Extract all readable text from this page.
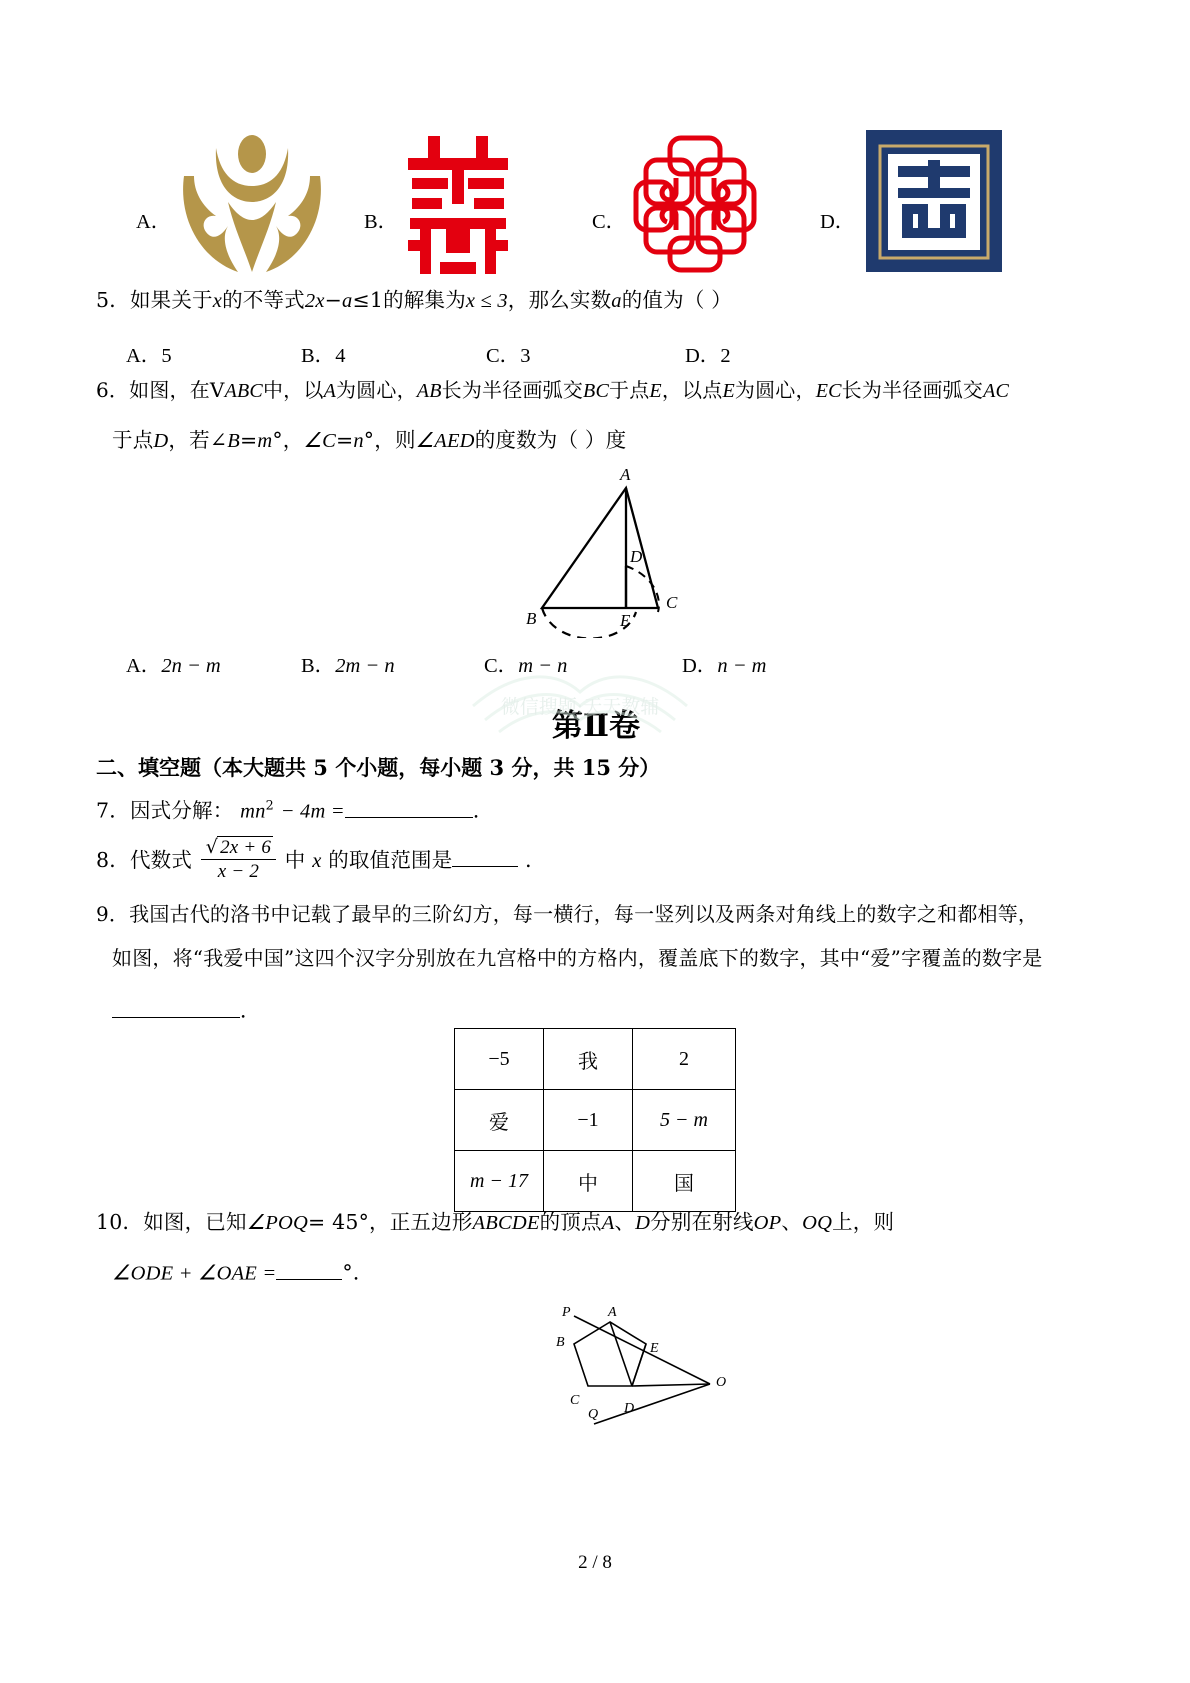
A．	B．	C．	D．
5．如果关于x的不等式2x−a≤1的解集为x ≤ 3，那么实数a的值为（ ）
A．5	B．4	C．3	D．2
6．如图，在VABC中，以A为圆心，AB长为半径画弧交BC于点E，以点E为圆心，EC长为半径画弧交AC
于点D，若∠B=m°，∠C=n°，则∠AED的度数为（ ）度
A
B
C
D
E
A．2n − m	B．2m − n	C．m − n	D．n − m
第Ⅱ卷
二、填空题（本大题共 5 个小题，每小题 3 分，共 15 分）
7．因式分解： $mn^2 - 4m$ =	．
8．代数式 $\frac{√ 2x + 6}{x - 2}$ 中 x 的取值范围是	．
9．我国古代的洛书中记载了最早的三阶幻方，每一横行，每一竖列以及两条对角线上的数字之和都相等，
如图，将“我爱中国”这四个汉字分别放在九宫格中的方格内，覆盖底下的数字，其中“爱”字覆盖的数字是
．
−5	我	2
爱	−1	5 − m
m − 17	中	国
10．如图，已知∠POQ= 45°，正五边形ABCDE的顶点A、D分别在射线OP、OQ上，则
∠ODE + ∠OAE =	°．
P	A
B	E
O
C
Q D
微信搜题:天天教辅
2 / 8
